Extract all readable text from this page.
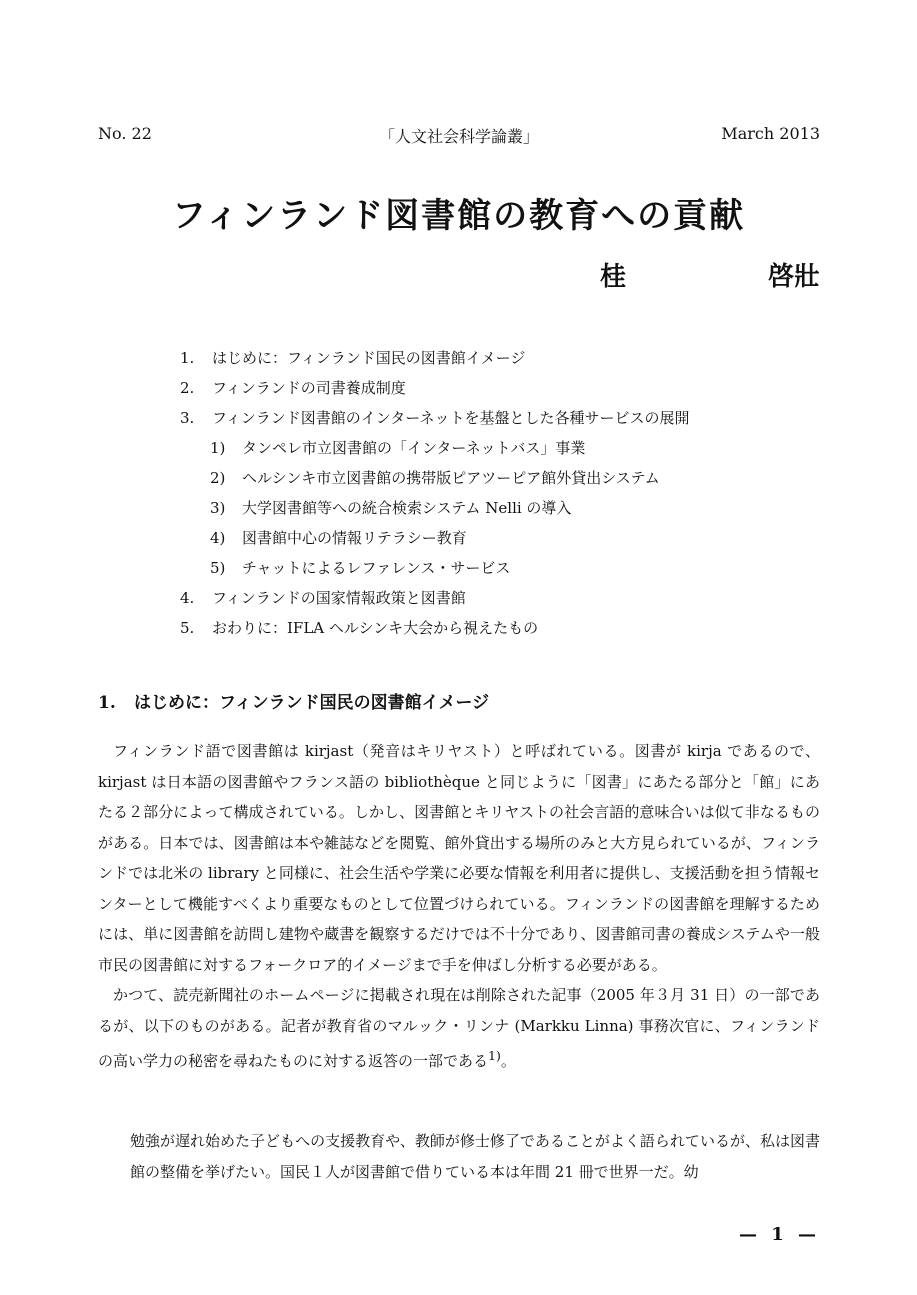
No. 22	「人文社会科学論叢」	March 2013
フィンランド図書館の教育への貢献
桂	啓壯
1. はじめに：フィンランド国民の図書館イメージ
2. フィンランドの司書養成制度
3. フィンランド図書館のインターネットを基盤とした各種サービスの展開
1) タンペレ市立図書館の「インターネットバス」事業
2) ヘルシンキ市立図書館の携帯版ピアツーピア館外貸出システム
3) 大学図書館等への統合検索システム Nelli の導入
4) 図書館中心の情報リテラシー教育
5) チャットによるレファレンス・サービス
4. フィンランドの国家情報政策と図書館
5. おわりに：IFLA ヘルシンキ大会から視えたもの
1. はじめに：フィンランド国民の図書館イメージ

フィンランド語で図書館は kirjast（発音はキリヤスト）と呼ばれている。図書が kirja であるので、kirjast は日本語の図書館やフランス語の bibliothèque と同じように「図書」にあたる部分と「館」にあたる２部分によって構成されている。しかし、図書館とキリヤストの社会言語的意味合いは似て非なるものがある。日本では、図書館は本や雑誌などを閲覧、館外貸出する場所のみと大方見られているが、フィンランドでは北米の library と同様に、社会生活や学業に必要な情報を利用者に提供し、支援活動を担う情報センターとして機能すべくより重要なものとして位置づけられている。フィンランドの図書館を理解するためには、単に図書館を訪問し建物や蔵書を観察するだけでは不十分であり、図書館司書の養成システムや一般市民の図書館に対するフォークロア的イメージまで手を伸ばし分析する必要がある。

かつて、読売新聞社のホームページに掲載され現在は削除された記事（2005 年３月 31 日）の一部であるが、以下のものがある。記者が教育省のマルック・リンナ (Markku Linna) 事務次官に、フィンランドの高い学力の秘密を尋ねたものに対する返答の一部である$^{1)}$。

勉強が遅れ始めた子どもへの支援教育や、教師が修士修了であることがよく語られているが、私は図書館の整備を挙げたい。国民１人が図書館で借りている本は年間 21 冊で世界一だ。幼

— 1 —
